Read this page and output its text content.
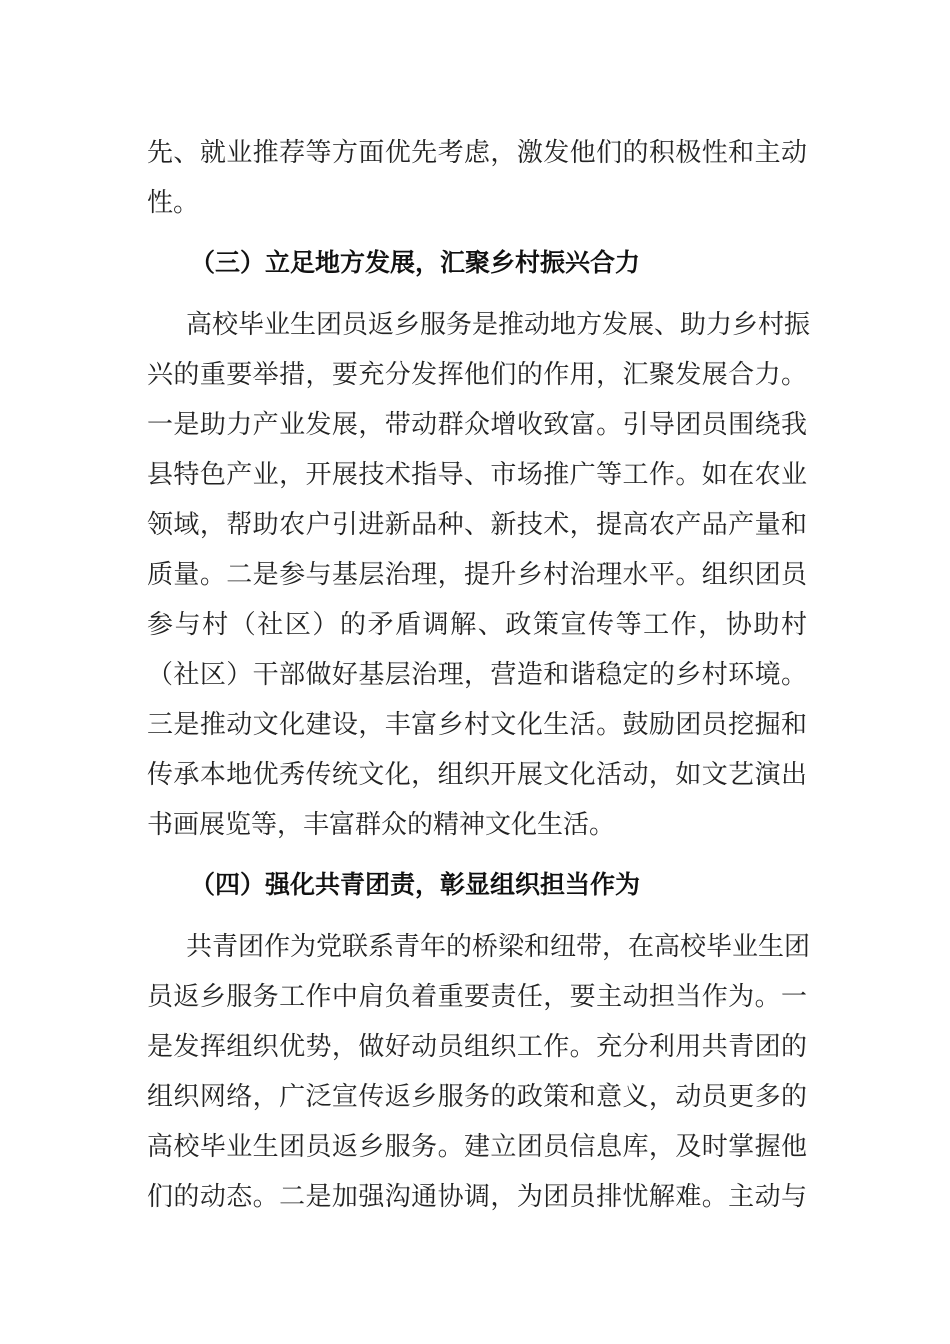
先、就业推荐等方面优先考虑，激发他们的积极性和主动
性。
（三）立足地方发展，汇聚乡村振兴合力
高校毕业生团员返乡服务是推动地方发展、助力乡村振
兴的重要举措，要充分发挥他们的作用，汇聚发展合力。
一是助力产业发展，带动群众增收致富。引导团员围绕我
县特色产业，开展技术指导、市场推广等工作。如在农业
领域，帮助农户引进新品种、新技术，提高农产品产量和
质量。二是参与基层治理，提升乡村治理水平。组织团员
参与村（社区）的矛盾调解、政策宣传等工作，协助村
（社区）干部做好基层治理，营造和谐稳定的乡村环境。
三是推动文化建设，丰富乡村文化生活。鼓励团员挖掘和
传承本地优秀传统文化，组织开展文化活动，如文艺演出
书画展览等，丰富群众的精神文化生活。
（四）强化共青团责，彰显组织担当作为
共青团作为党联系青年的桥梁和纽带，在高校毕业生团
员返乡服务工作中肩负着重要责任，要主动担当作为。一
是发挥组织优势，做好动员组织工作。充分利用共青团的
组织网络，广泛宣传返乡服务的政策和意义，动员更多的
高校毕业生团员返乡服务。建立团员信息库，及时掌握他
们的动态。二是加强沟通协调，为团员排忧解难。主动与
